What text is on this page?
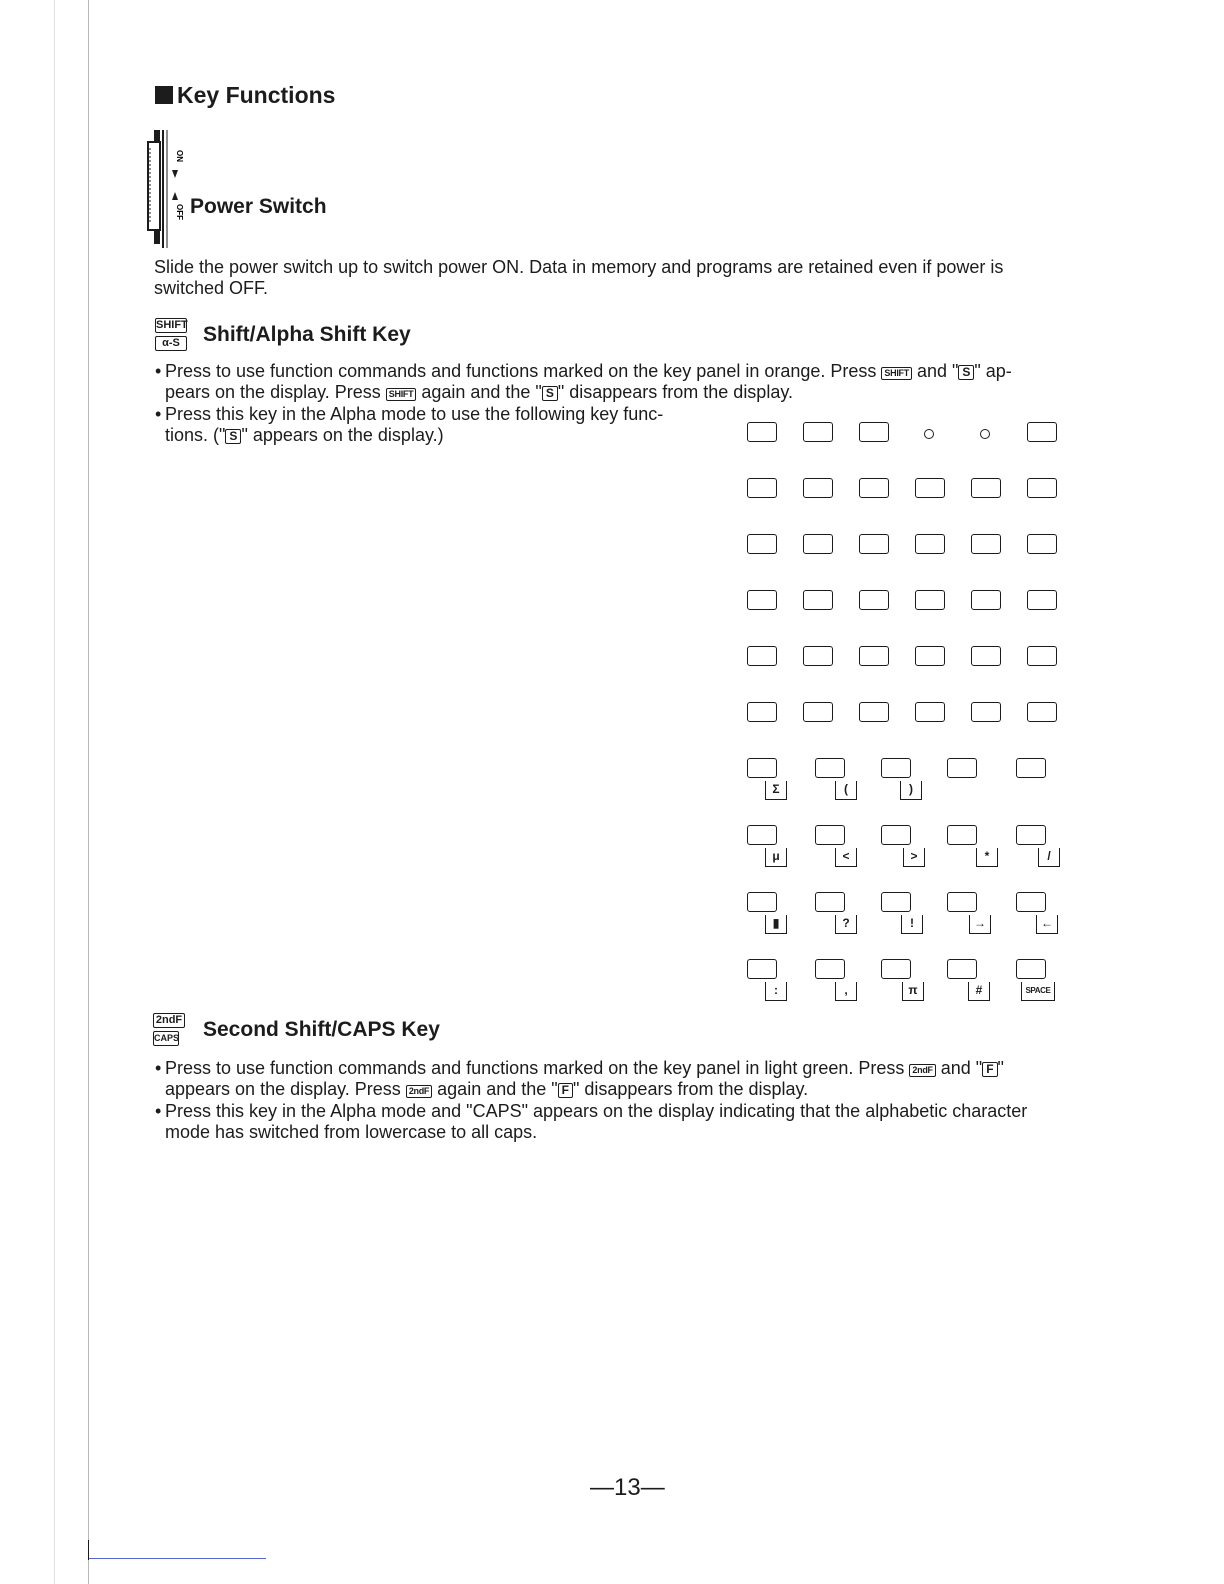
Key Functions
ON
OFF Power Switch

Slide the power switch up to switch power ON. Data in memory and programs are retained even if power is

switched OFF.

SHIFT
α-S	Shift/Alpha Shift Key
• Press to use function commands and functions marked on the key panel in orange. Press SHIFT and " S " ap-
pears on the display. Press SHIFT again and the " S " disappears from the display.
• Press this key in the Alpha mode to use the following key func-
tions. (" S " appears on the display.)
Σ	(	)
μ	<	>	*	/
▮	?	!	→	←
:	,	π	#	SPACE
2ndF
CAPS Second Shift/CAPS Key
• Press to use function commands and functions marked on the key panel in light green. Press 2ndF and " F "
appears on the display. Press 2ndF again and the " F " disappears from the display.
• Press this key in the Alpha mode and "CAPS" appears on the display indicating that the alphabetic character
mode has switched from lowercase to all caps.
—13—
